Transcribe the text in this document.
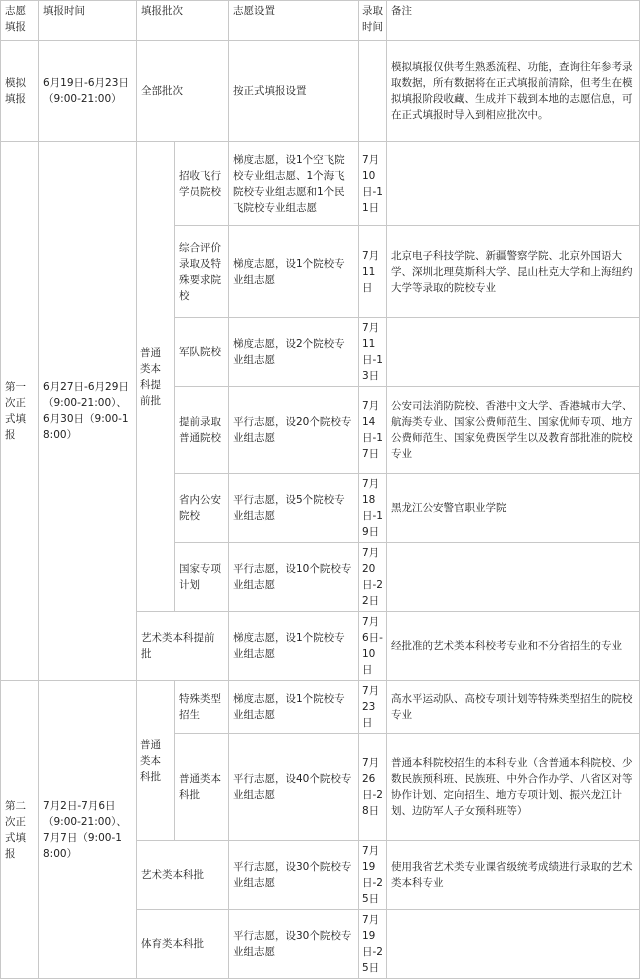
志愿填报	填报时间	填报批次		志愿设置	录取时间	备注
模拟填报	6月19日-6月23日（9:00-21:00）	全部批次		按正式填报设置		模拟填报仅供考生熟悉流程、功能，查询往年参考录取数据，所有数据将在正式填报前清除，但考生在模拟填报阶段收藏、生成并下载到本地的志愿信息，可在正式填报时导入到相应批次中。
第一次正式填报	6月27日-6月29日（9:00-21:00）、6月30日（9:00-18:00）	普通类本科提前批	招收飞行学员院校	梯度志愿，设1个空飞院校专业组志愿、1个海飞院校专业组志愿和1个民飞院校专业组志愿	7月10日-11日	
			综合评价录取及特殊要求院校	梯度志愿，设1个院校专业组志愿	7月11日	北京电子科技学院、新疆警察学院、北京外国语大学、深圳北理莫斯科大学、昆山杜克大学和上海纽约大学等录取的院校专业
			军队院校	梯度志愿，设2个院校专业组志愿	7月11日-13日	
			提前录取普通院校	平行志愿，设20个院校专业组志愿	7月14日-17日	公安司法消防院校、香港中文大学、香港城市大学、航海类专业、国家公费师范生、国家优师专项、地方公费师范生、国家免费医学生以及教育部批准的院校专业
			省内公安院校	平行志愿，设5个院校专业组志愿	7月18日-19日	黑龙江公安警官职业学院
			国家专项计划	平行志愿，设10个院校专业组志愿	7月20日-22日	
		艺术类本科提前批		梯度志愿，设1个院校专业组志愿	7月6日-10日	经批准的艺术类本科校考专业和不分省招生的专业
第二次正式填报	7月2日-7月6日（9:00-21:00）、7月7日（9:00-18:00）	普通类本科批	特殊类型招生	梯度志愿，设1个院校专业组志愿	7月23日	高水平运动队、高校专项计划等特殊类型招生的院校专业
			普通类本科批	平行志愿，设40个院校专业组志愿	7月26日-28日	普通本科院校招生的本科专业（含普通本科院校、少数民族预科班、民族班、中外合作办学、八省区对等协作计划、定向招生、地方专项计划、振兴龙江计划、边防军人子女预科班等）
		艺术类本科批		平行志愿，设30个院校专业组志愿	7月19日-25日	使用我省艺术类专业课省级统考成绩进行录取的艺术类本科专业
		体育类本科批		平行志愿，设30个院校专业组志愿	7月19日-25日	
